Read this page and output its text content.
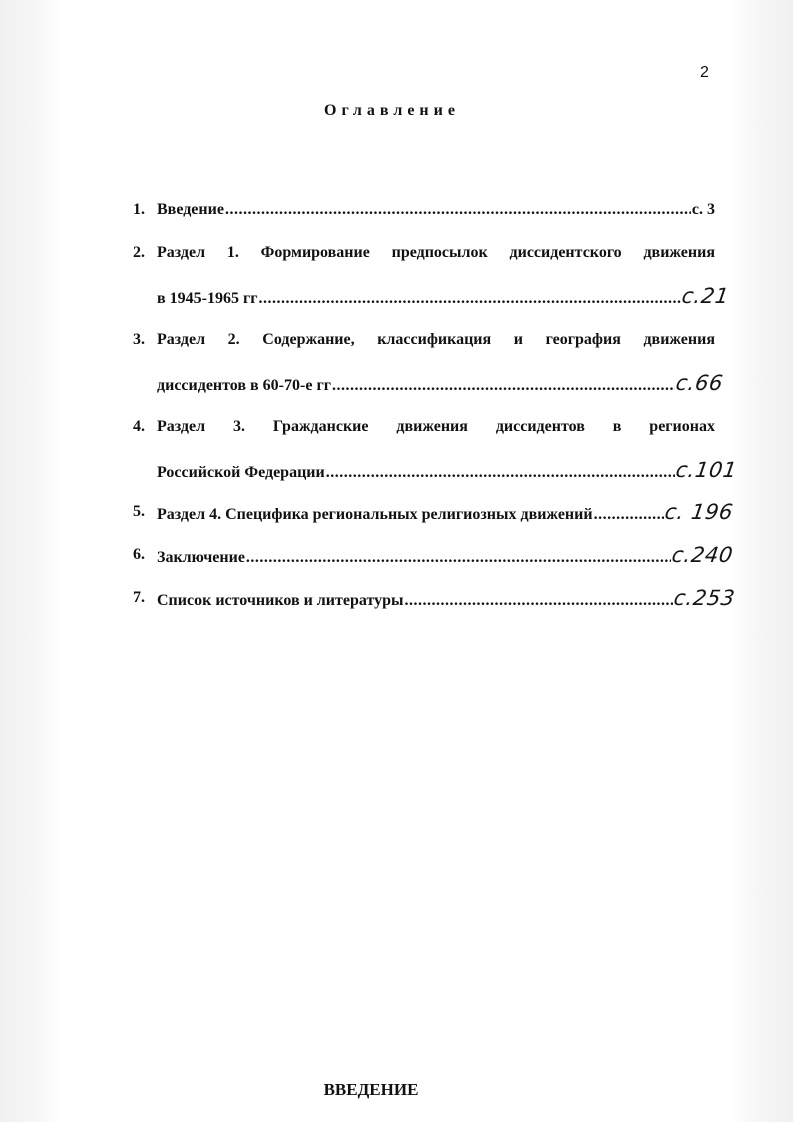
2
Оглавление
1. Введение .....	с. 3
2. Раздел 1. Формирование предпосылок диссидентского движения
в 1945-1965 гг .....	с.21
3. Раздел 2. Содержание, классификация и география движения
диссидентов в 60-70-е гг .....	с.66
4. Раздел 3. Гражданские движения диссидентов в регионах
Российской Федерации .....	с.101
5. Раздел 4. Специфика региональных религиозных движений .....	с. 196
6. Заключение .....	с.240
7. Список источников и литературы .....	с.253
ВВЕДЕНИЕ
